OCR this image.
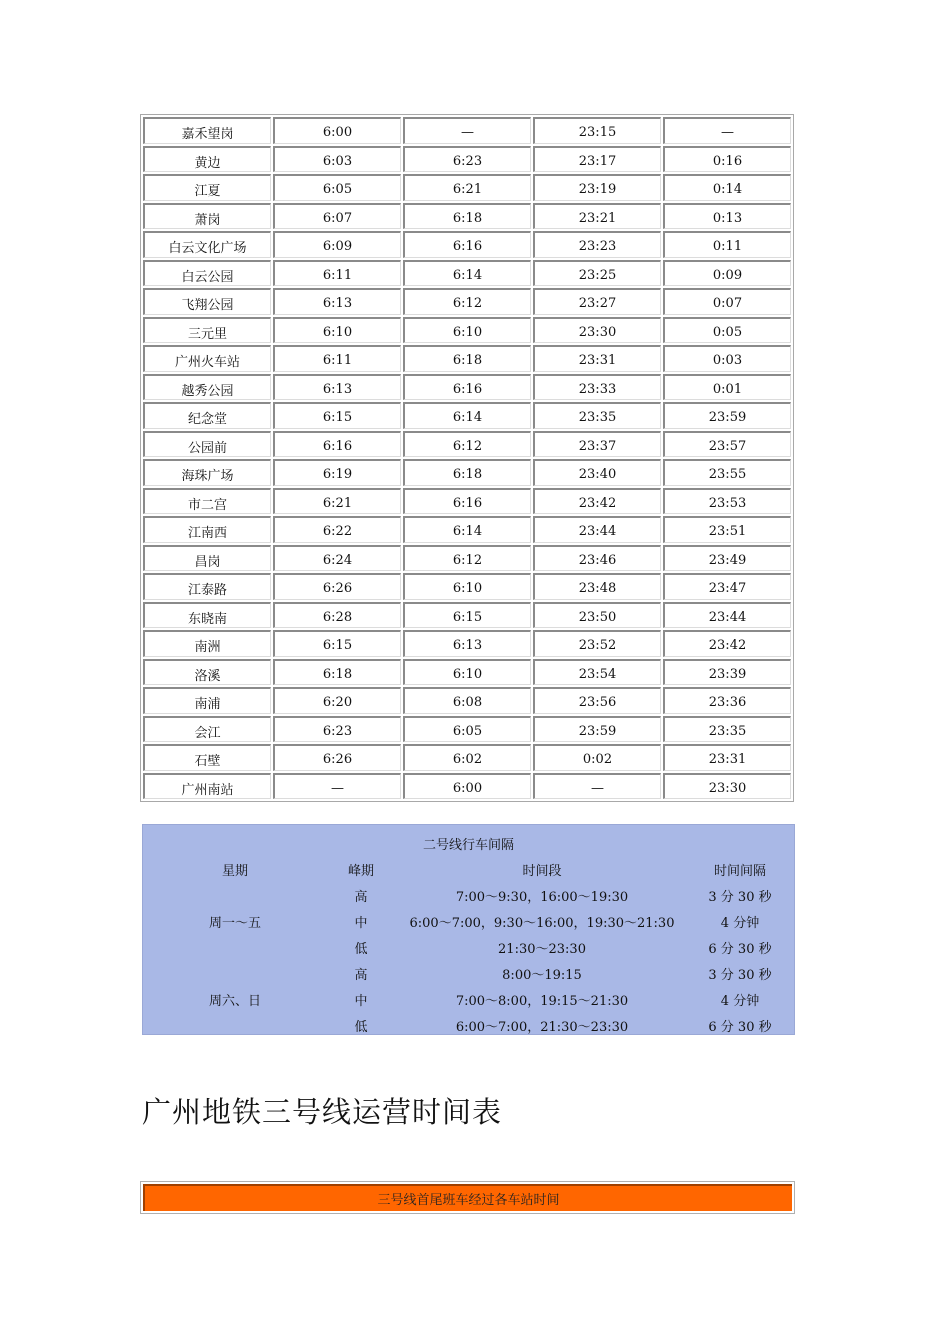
嘉禾望岗	6:00	—	23:15	—
黄边	6:03	6:23	23:17	0:16
江夏	6:05	6:21	23:19	0:14
萧岗	6:07	6:18	23:21	0:13
白云文化广场	6:09	6:16	23:23	0:11
白云公园	6:11	6:14	23:25	0:09
飞翔公园	6:13	6:12	23:27	0:07
三元里	6:10	6:10	23:30	0:05
广州火车站	6:11	6:18	23:31	0:03
越秀公园	6:13	6:16	23:33	0:01
纪念堂	6:15	6:14	23:35	23:59
公园前	6:16	6:12	23:37	23:57
海珠广场	6:19	6:18	23:40	23:55
市二宫	6:21	6:16	23:42	23:53
江南西	6:22	6:14	23:44	23:51
昌岗	6:24	6:12	23:46	23:49
江泰路	6:26	6:10	23:48	23:47
东晓南	6:28	6:15	23:50	23:44
南洲	6:15	6:13	23:52	23:42
洛溪	6:18	6:10	23:54	23:39
南浦	6:20	6:08	23:56	23:36
会江	6:23	6:05	23:59	23:35
石壁	6:26	6:02	0:02	23:31
广州南站	—	6:00	—	23:30
二号线行车间隔
星期	峰期	时间段	时间间隔
周一～五
高	7:00～9:30，16:00～19:30	3 分 30 秒
中	6:00～7:00，9:30～16:00，19:30～21:30	4 分钟
低	21:30～23:30	6 分 30 秒
周六、日
高	8:00～19:15	3 分 30 秒
中	7:00～8:00，19:15～21:30	4 分钟
低	6:00～7:00，21:30～23:30	6 分 30 秒
广州地铁三号线运营时间表
三号线首尾班车经过各车站时间
